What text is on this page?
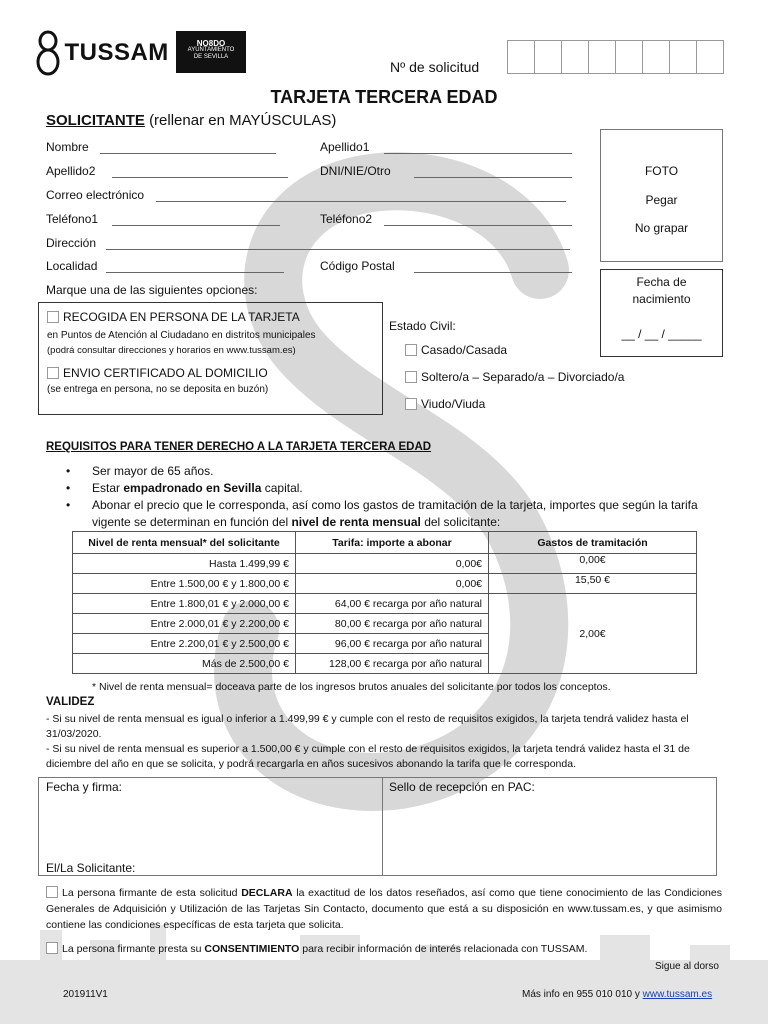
TUSSAM	NO8DO
AYUNTAMIENTO
DE SEVILLA
Nº de solicitud
TARJETA TERCERA EDAD
SOLICITANTE (rellenar en MAYÚSCULAS)
Nombre	Apellido1
Apellido2	DNI/NIE/Otro
Correo electrónico
Teléfono1	Teléfono2
Dirección
Localidad	Código Postal
Marque una de las siguientes opciones:
FOTO
Pegar
No grapar
Fecha de
nacimiento
__ / __ / _____
RECOGIDA EN PERSONA DE LA TARJETA
en Puntos de Atención al Ciudadano en distritos municipales
(podrá consultar direcciones y horarios en www.tussam.es)
ENVIO CERTIFICADO AL DOMICILIO
(se entrega en persona, no se deposita en buzón)
Estado Civil:
Casado/Casada
Soltero/a – Separado/a – Divorciado/a
Viudo/Viuda
REQUISITOS PARA TENER DERECHO A LA TARJETA TERCERA EDAD
• Ser mayor de 65 años.
• Estar empadronado en Sevilla capital.
• Abonar el precio que le corresponda, así como los gastos de tramitación de la tarjeta, importes que según la tarifa vigente se determinan en función del nivel de renta mensual del solicitante:
Nivel de renta mensual* del solicitante	Tarifa: importe a abonar	Gastos de tramitación
Hasta 1.499,99 €	0,00€	0,00€
Entre 1.500,00 € y 1.800,00 €	0,00€	15,50 €
Entre 1.800,01 € y 2.000,00 €	64,00 € recarga por año natural	2,00€
Entre 2.000,01 € y 2.200,00 €	80,00 € recarga por año natural	
Entre 2.200,01 € y 2.500,00 €	96,00 € recarga por año natural	
Más de 2.500,00 €	128,00 € recarga por año natural	
* Nivel de renta mensual= doceava parte de los ingresos brutos anuales del solicitante por todos los conceptos.
VALIDEZ
- Si su nivel de renta mensual es igual o inferior a 1.499,99 € y cumple con el resto de requisitos exigidos, la tarjeta tendrá validez hasta el 31/03/2020.
- Si su nivel de renta mensual es superior a 1.500,00 € y cumple con el resto de requisitos exigidos, la tarjeta tendrá validez hasta el 31 de diciembre del año en que se solicita, y podrá recargarla en años sucesivos abonando la tarifa que le corresponda.
Fecha y firma:
El/La Solicitante:
Sello de recepción en PAC:
La persona firmante de esta solicitud DECLARA la exactitud de los datos reseñados, así como que tiene conocimiento de las Condiciones Generales de Adquisición y Utilización de las Tarjetas Sin Contacto, documento que está a su disposición en www.tussam.es, y que asimismo contiene las condiciones específicas de esta tarjeta que solicita.
La persona firmante presta su CONSENTIMIENTO para recibir información de interés relacionada con TUSSAM.
Sigue al dorso
201911V1	Más info en 955 010 010 y www.tussam.es
